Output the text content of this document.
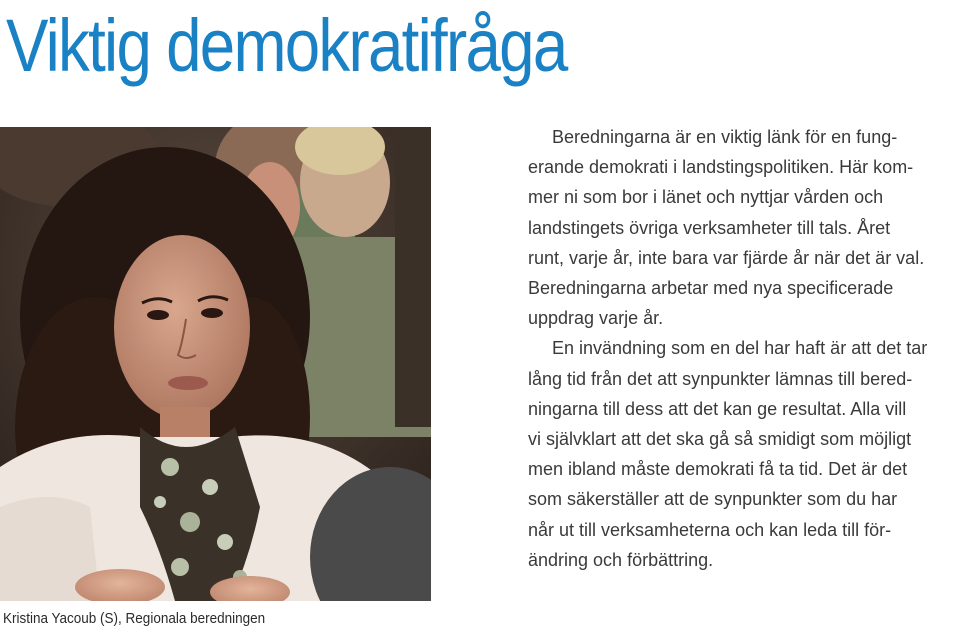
Viktig demokratifråga
Kristina Yacoub (S), Regionala beredningen

Beredningarna är en viktig länk för en fung-
erande demokrati i landstingspolitiken. Här kom-
mer ni som bor i länet och nyttjar vården och
landstingets övriga verksamheter till tals. Året
runt, varje år, inte bara var fjärde år när det är val.
Beredningarna arbetar med nya specificerade
uppdrag varje år.

En invändning som en del har haft är att det tar
lång tid från det att synpunkter lämnas till bered-
ningarna till dess att det kan ge resultat. Alla vill
vi självklart att det ska gå så smidigt som möjligt
men ibland måste demokrati få ta tid. Det är det
som säkerställer att de synpunkter som du har
når ut till verksamheterna och kan leda till för-
ändring och förbättring.
